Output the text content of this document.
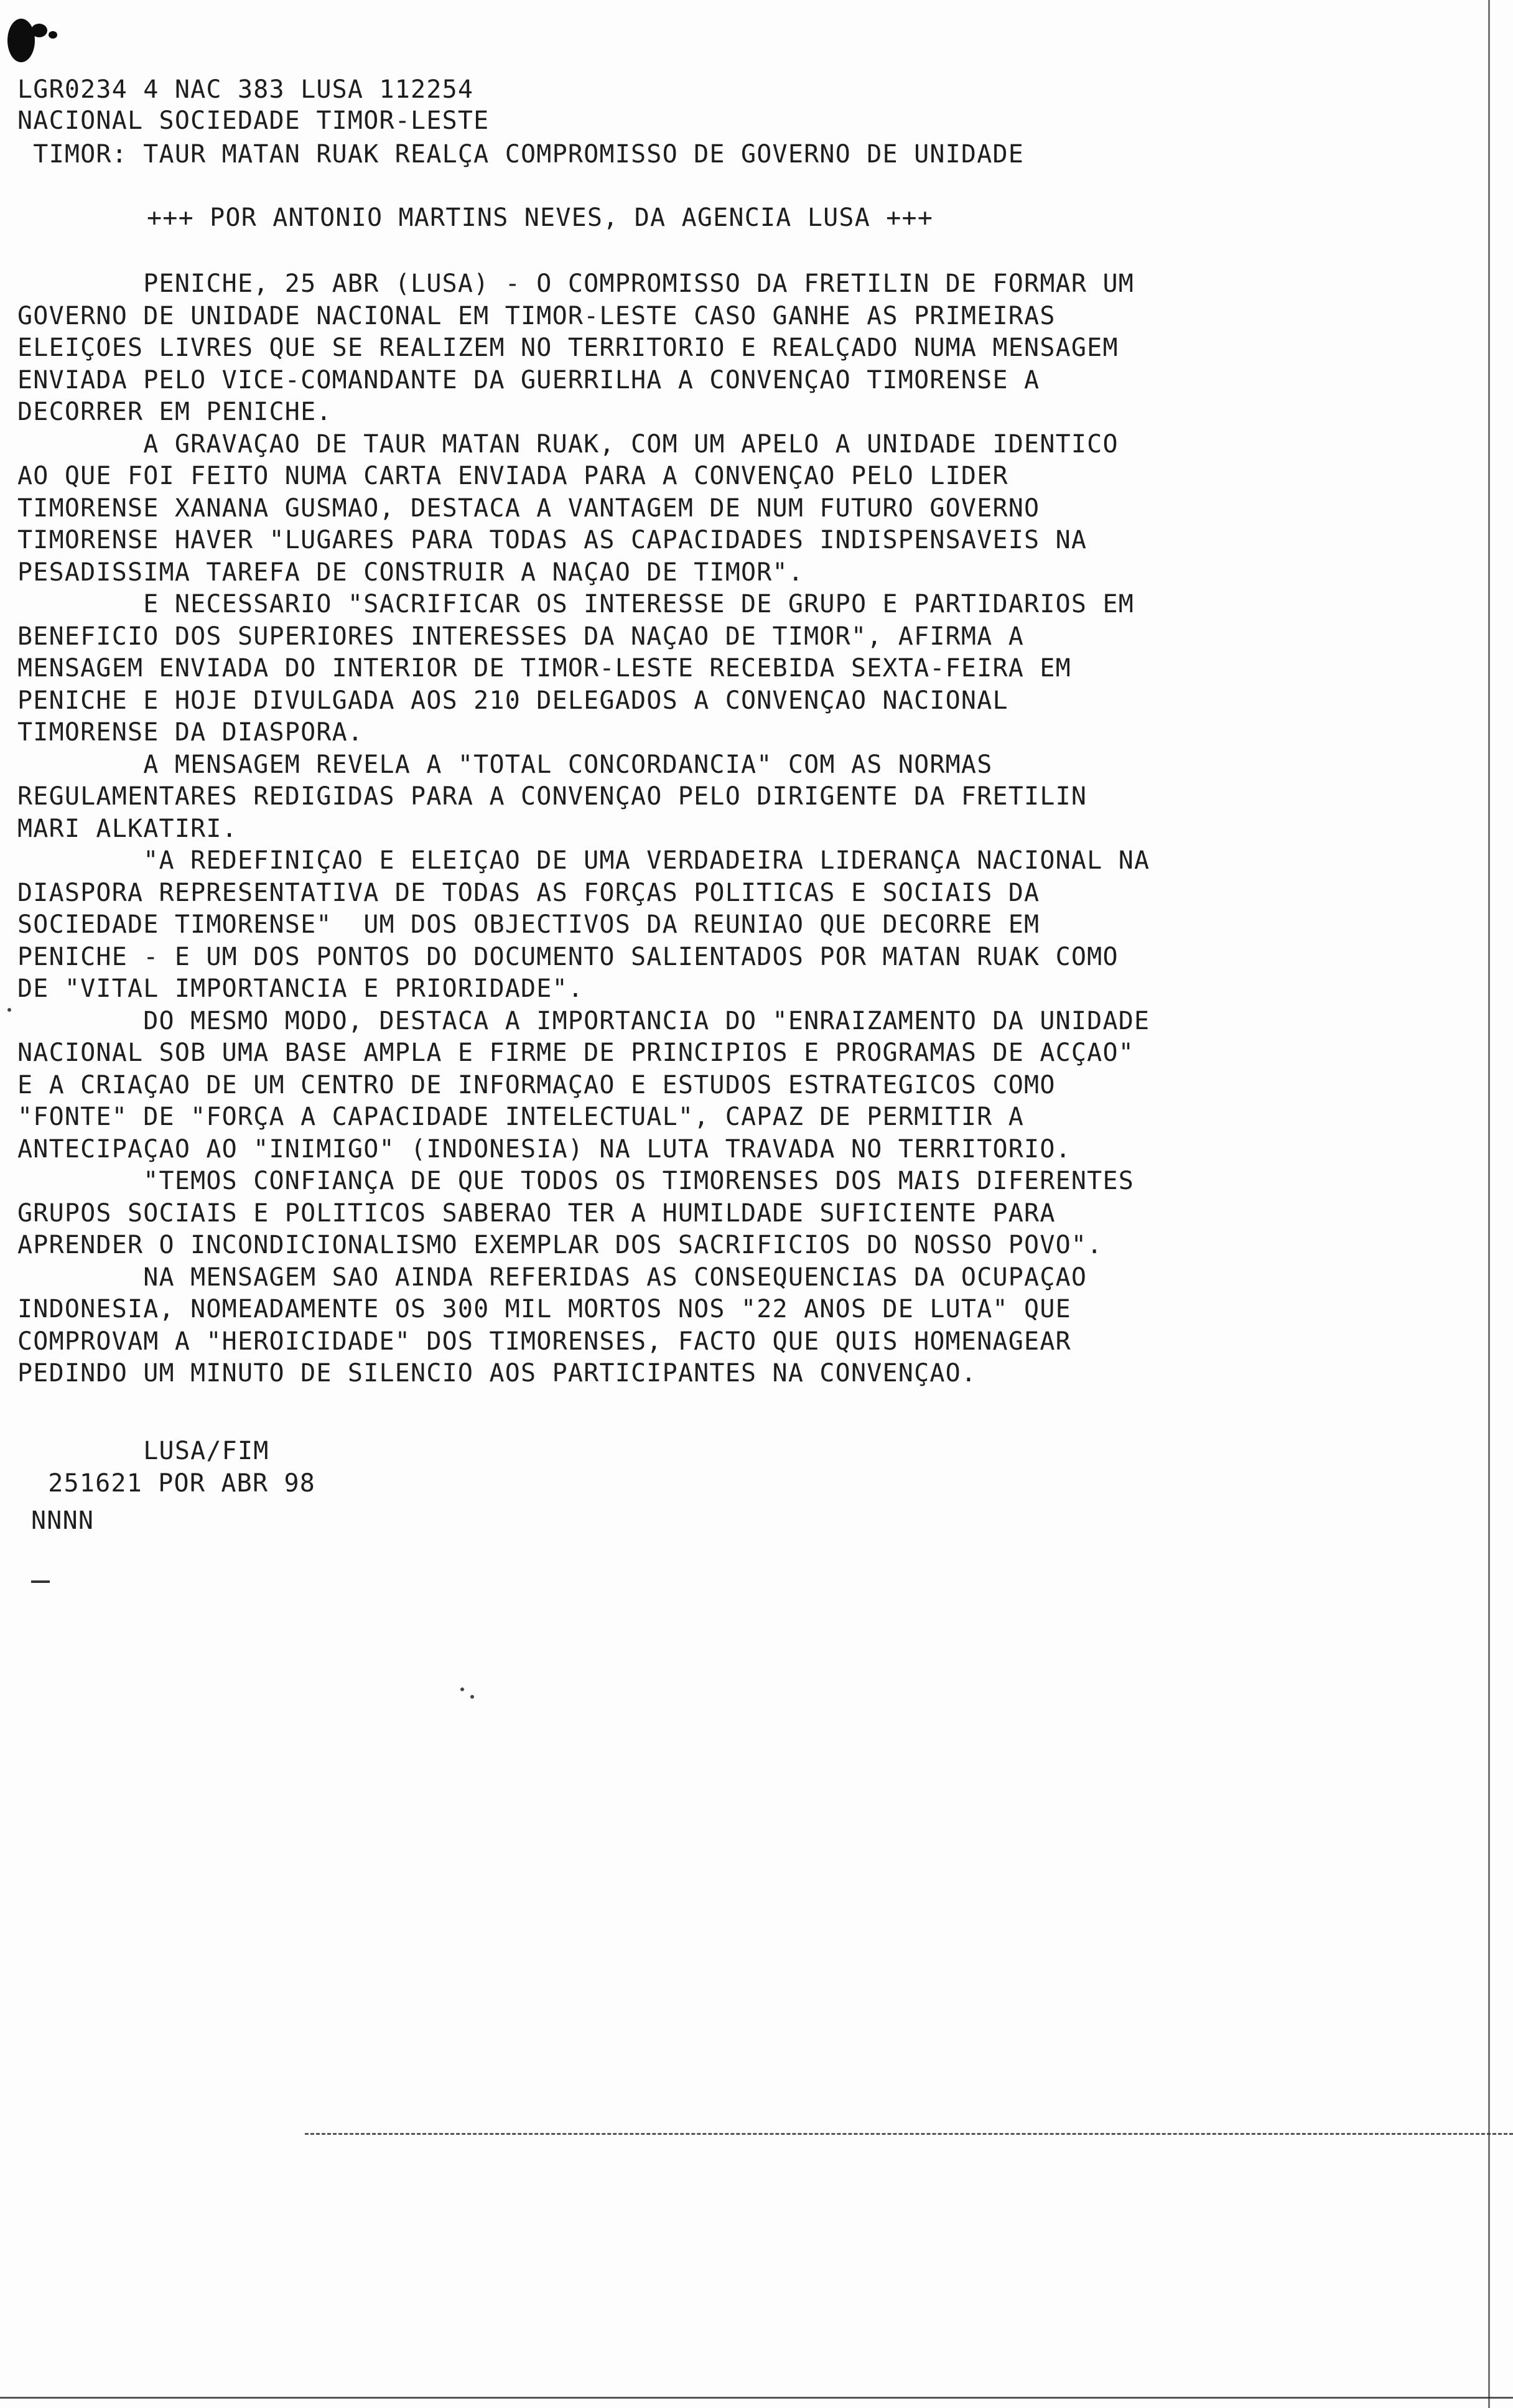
LGR0234 4 NAC 383 LUSA 112254
NACIONAL SOCIEDADE TIMOR-LESTE
TIMOR: TAUR MATAN RUAK REALÇA COMPROMISSO DE GOVERNO DE UNIDADE
+++ POR ANTONIO MARTINS NEVES, DA AGENCIA LUSA +++
PENICHE, 25 ABR (LUSA) - O COMPROMISSO DA FRETILIN DE FORMAR UM
GOVERNO DE UNIDADE NACIONAL EM TIMOR-LESTE CASO GANHE AS PRIMEIRAS
ELEIÇOES LIVRES QUE SE REALIZEM NO TERRITORIO E REALÇADO NUMA MENSAGEM
ENVIADA PELO VICE-COMANDANTE DA GUERRILHA A CONVENÇAO TIMORENSE A
DECORRER EM PENICHE.
A GRAVAÇAO DE TAUR MATAN RUAK, COM UM APELO A UNIDADE IDENTICO
AO QUE FOI FEITO NUMA CARTA ENVIADA PARA A CONVENÇAO PELO LIDER
TIMORENSE XANANA GUSMAO, DESTACA A VANTAGEM DE NUM FUTURO GOVERNO
TIMORENSE HAVER "LUGARES PARA TODAS AS CAPACIDADES INDISPENSAVEIS NA
PESADISSIMA TAREFA DE CONSTRUIR A NAÇAO DE TIMOR".
E NECESSARIO "SACRIFICAR OS INTERESSE DE GRUPO E PARTIDARIOS EM
BENEFICIO DOS SUPERIORES INTERESSES DA NAÇAO DE TIMOR", AFIRMA A
MENSAGEM ENVIADA DO INTERIOR DE TIMOR-LESTE RECEBIDA SEXTA-FEIRA EM
PENICHE E HOJE DIVULGADA AOS 210 DELEGADOS A CONVENÇAO NACIONAL
TIMORENSE DA DIASPORA.
A MENSAGEM REVELA A "TOTAL CONCORDANCIA" COM AS NORMAS
REGULAMENTARES REDIGIDAS PARA A CONVENÇAO PELO DIRIGENTE DA FRETILIN
MARI ALKATIRI.
"A REDEFINIÇAO E ELEIÇAO DE UMA VERDADEIRA LIDERANÇA NACIONAL NA
DIASPORA REPRESENTATIVA DE TODAS AS FORÇAS POLITICAS E SOCIAIS DA
SOCIEDADE TIMORENSE"  UM DOS OBJECTIVOS DA REUNIAO QUE DECORRE EM
PENICHE - E UM DOS PONTOS DO DOCUMENTO SALIENTADOS POR MATAN RUAK COMO
DE "VITAL IMPORTANCIA E PRIORIDADE".
DO MESMO MODO, DESTACA A IMPORTANCIA DO "ENRAIZAMENTO DA UNIDADE
NACIONAL SOB UMA BASE AMPLA E FIRME DE PRINCIPIOS E PROGRAMAS DE ACÇAO"
E A CRIAÇAO DE UM CENTRO DE INFORMAÇAO E ESTUDOS ESTRATEGICOS COMO
"FONTE" DE "FORÇA A CAPACIDADE INTELECTUAL", CAPAZ DE PERMITIR A
ANTECIPAÇAO AO "INIMIGO" (INDONESIA) NA LUTA TRAVADA NO TERRITORIO.
"TEMOS CONFIANÇA DE QUE TODOS OS TIMORENSES DOS MAIS DIFERENTES
GRUPOS SOCIAIS E POLITICOS SABERAO TER A HUMILDADE SUFICIENTE PARA
APRENDER O INCONDICIONALISMO EXEMPLAR DOS SACRIFICIOS DO NOSSO POVO".
NA MENSAGEM SAO AINDA REFERIDAS AS CONSEQUENCIAS DA OCUPAÇAO
INDONESIA, NOMEADAMENTE OS 300 MIL MORTOS NOS "22 ANOS DE LUTA" QUE
COMPROVAM A "HEROICIDADE" DOS TIMORENSES, FACTO QUE QUIS HOMENAGEAR
PEDINDO UM MINUTO DE SILENCIO AOS PARTICIPANTES NA CONVENÇAO.
LUSA/FIM
251621 POR ABR 98
NNNN
